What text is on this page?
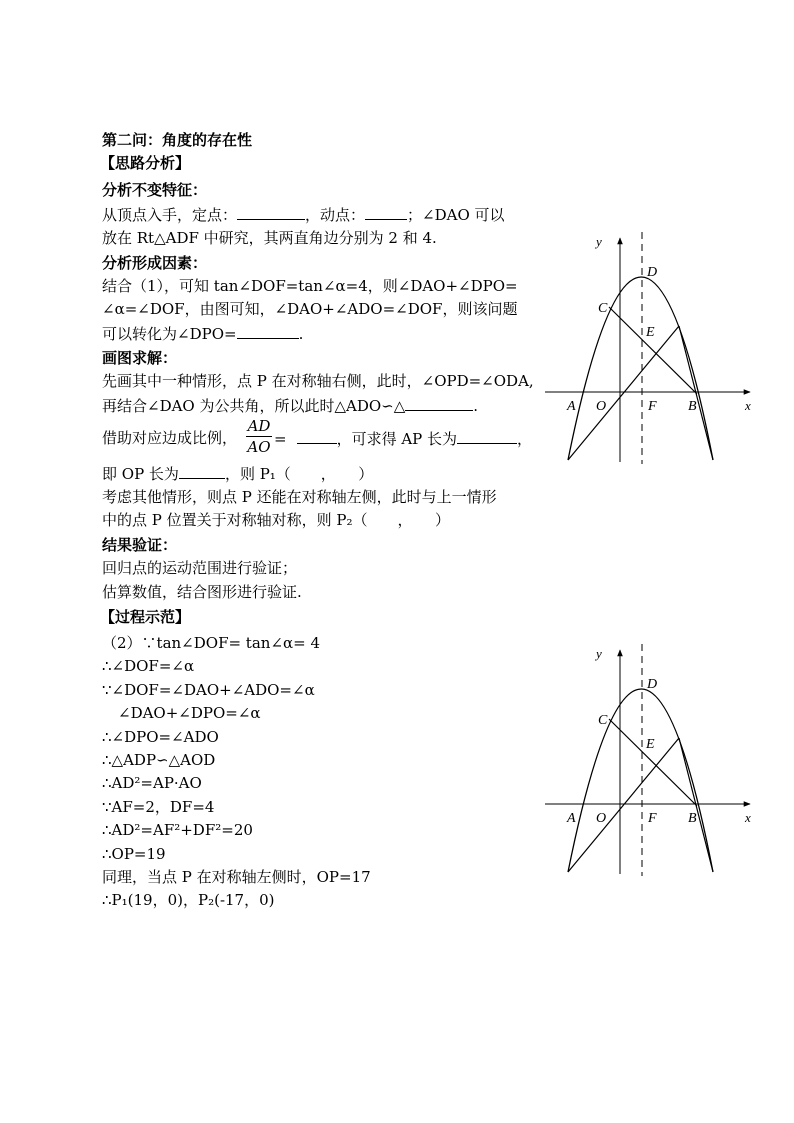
第二问：角度的存在性
【思路分析】
分析不变特征：
从顶点入手，定点：	，动点：	；∠DAO 可以
放在 Rt△ADF 中研究，其两直角边分别为 2 和 4.
分析形成因素：
结合（1），可知 tan∠DOF=tan∠α=4，则∠DAO+∠DPO=
∠α=∠DOF，由图可知，∠DAO+∠ADO=∠DOF，则该问题
可以转化为∠DPO=	.
画图求解：
先画其中一种情形，点 P 在对称轴右侧，此时，∠OPD=∠ODA,
再结合∠DAO 为公共角，所以此时△ADO∽△	.
借助对应边成比例， $\frac{AD}{AO}$ =	，可求得 AP 长为	，
即 OP 长为	，则 P₁（　　，　　）
考虑其他情形，则点 P 还能在对称轴左侧，此时与上一情形
中的点 P 位置关于对称轴对称，则 P₂（　　，　　）
结果验证：
回归点的运动范围进行验证；
估算数值，结合图形进行验证.
【过程示范】
（2）∵tan∠DOF= tan∠α= 4
∴∠DOF=∠α
∵∠DOF=∠DAO+∠ADO=∠α
∠DAO+∠DPO=∠α
∴∠DPO=∠ADO
∴△ADP∽△AOD
∴AD²=AP·AO
∵AF=2，DF=4
∴AD²=AF²+DF²=20
∴OP=19
同理，当点 P 在对称轴左侧时，OP=17
∴P₁(19，0)，P₂(-17，0)
y
x
D
C
E
A O	F B
y
x
D
C
E
A O	F B
